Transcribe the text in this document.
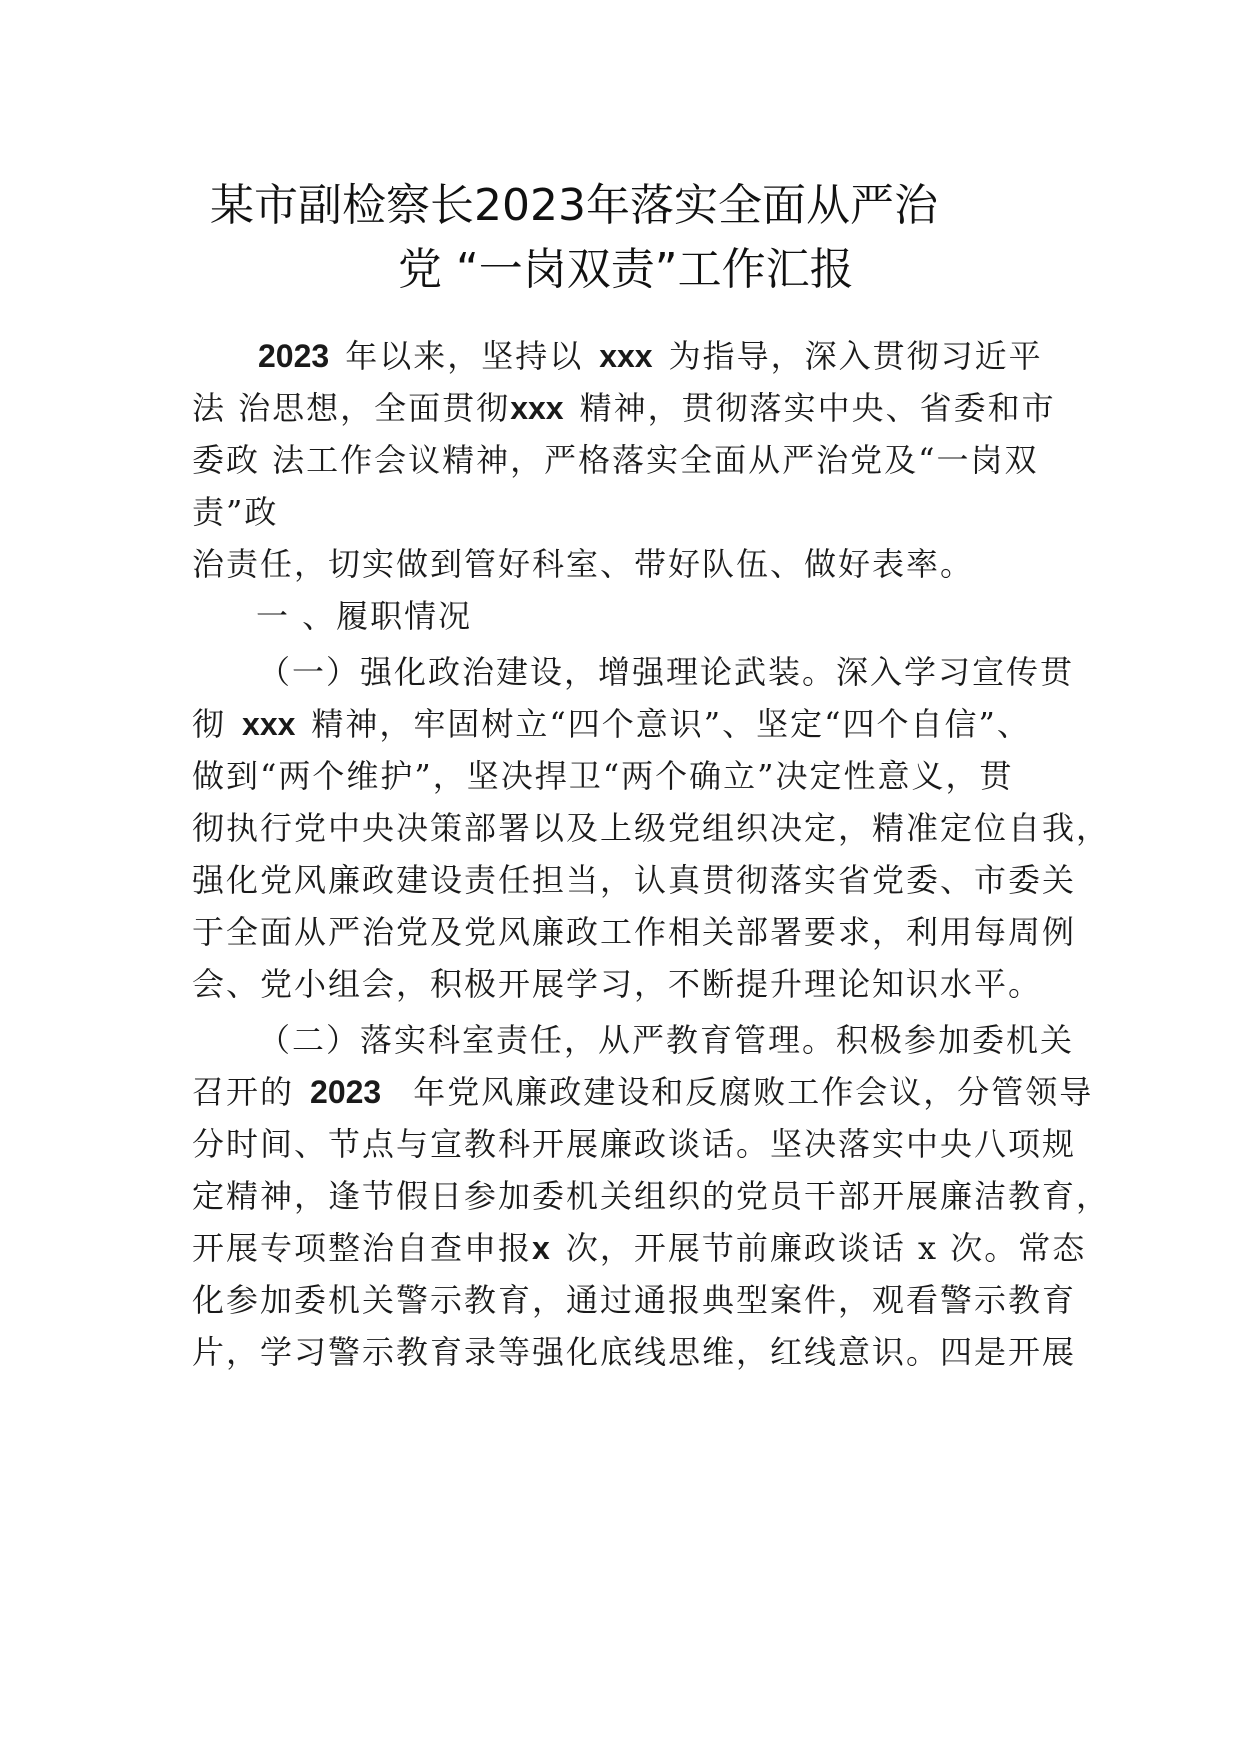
某市副检察长2023年落实全面从严治
党 “一岗双责”工作汇报
2023 年以来，坚持以 xxx 为指导，深入贯彻习近平
法 治思想，全面贯彻xxx 精神，贯彻落实中央、省委和市
委政 法工作会议精神，严格落实全面从严治党及“一岗双
责”政
治责任，切实做到管好科室、带好队伍、做好表率。
一 、履职情况
（一）强化政治建设，增强理论武装。深入学习宣传贯
彻 xxx 精神，牢固树立“四个意识”、坚定“四个自信”、
做到“两个维护”，坚决捍卫“两个确立”决定性意义，贯
彻执行党中央决策部署以及上级党组织决定，精准定位自我，
强化党风廉政建设责任担当，认真贯彻落实省党委、市委关
于全面从严治党及党风廉政工作相关部署要求，利用每周例
会、党小组会，积极开展学习，不断提升理论知识水平。
（二）落实科室责任，从严教育管理。积极参加委机关
召开的 2023 年党风廉政建设和反腐败工作会议，分管领导
分时间、节点与宣教科开展廉政谈话。坚决落实中央八项规
定精神，逢节假日参加委机关组织的党员干部开展廉洁教育，
开展专项整治自查申报x 次，开展节前廉政谈话 x 次。常态
化参加委机关警示教育，通过通报典型案件，观看警示教育
片，学习警示教育录等强化底线思维，红线意识。四是开展
